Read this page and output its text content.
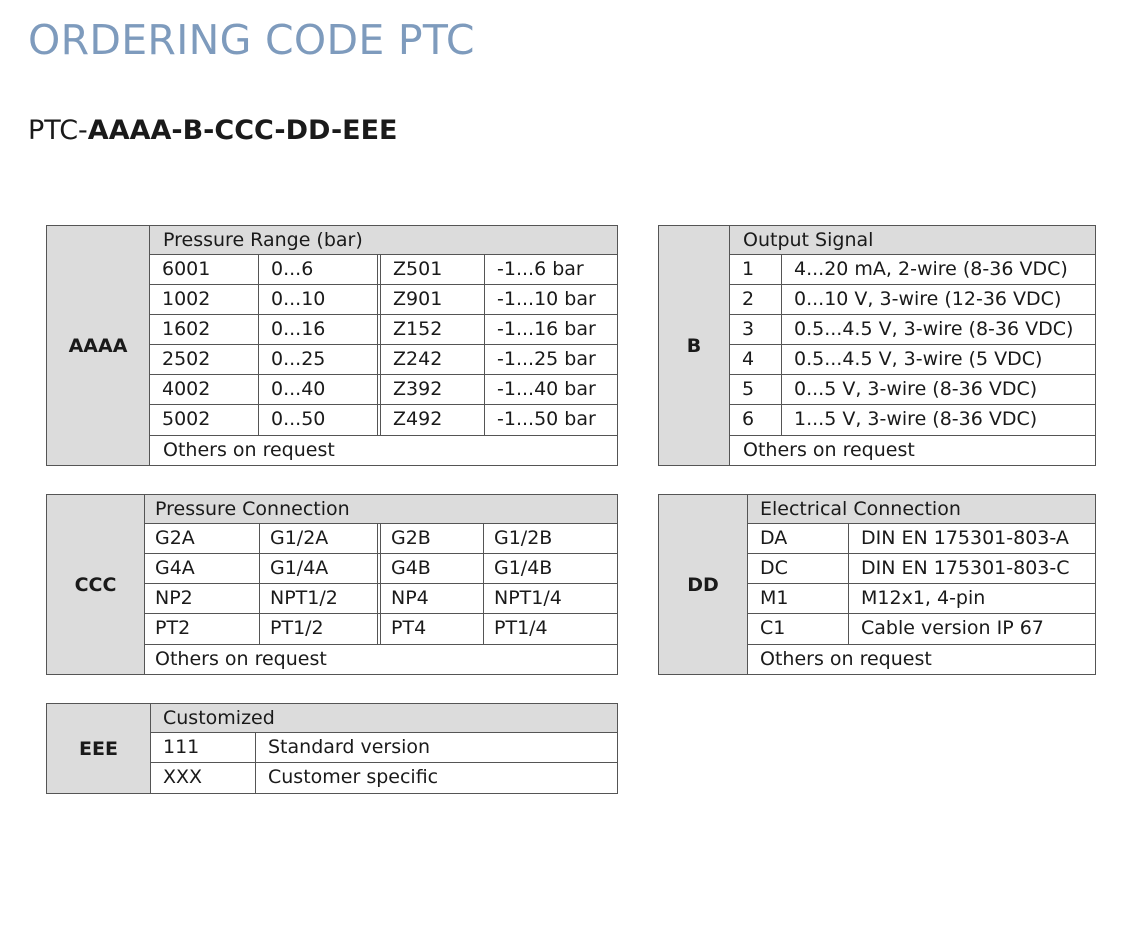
ORDERING CODE PTC
PTC-AAAA-B-CCC-DD-EEE
AAAA
Pressure Range (bar)
6001	0...6	Z501	-1...6 bar
1002	0...10	Z901	-1...10 bar
1602	0...16	Z152	-1...16 bar
2502	0...25	Z242	-1...25 bar
4002	0...40	Z392	-1...40 bar
5002	0...50	Z492	-1...50 bar
Others on request
B
Output Signal
1	4...20 mA, 2-wire (8-36 VDC)
2	0...10 V, 3-wire (12-36 VDC)
3	0.5...4.5 V, 3-wire (8-36 VDC)
4	0.5...4.5 V, 3-wire (5 VDC)
5	0...5 V, 3-wire (8-36 VDC)
6	1...5 V, 3-wire (8-36 VDC)
Others on request
CCC
Pressure Connection
G2A	G1/2A	G2B	G1/2B
G4A	G1/4A	G4B	G1/4B
NP2	NPT1/2	NP4	NPT1/4
PT2	PT1/2	PT4	PT1/4
Others on request
DD
Electrical Connection
DA	DIN EN 175301-803-A
DC	DIN EN 175301-803-C
M1	M12x1, 4-pin
C1	Cable version IP 67
Others on request
EEE
Customized
111	Standard version
XXX	Customer specific
